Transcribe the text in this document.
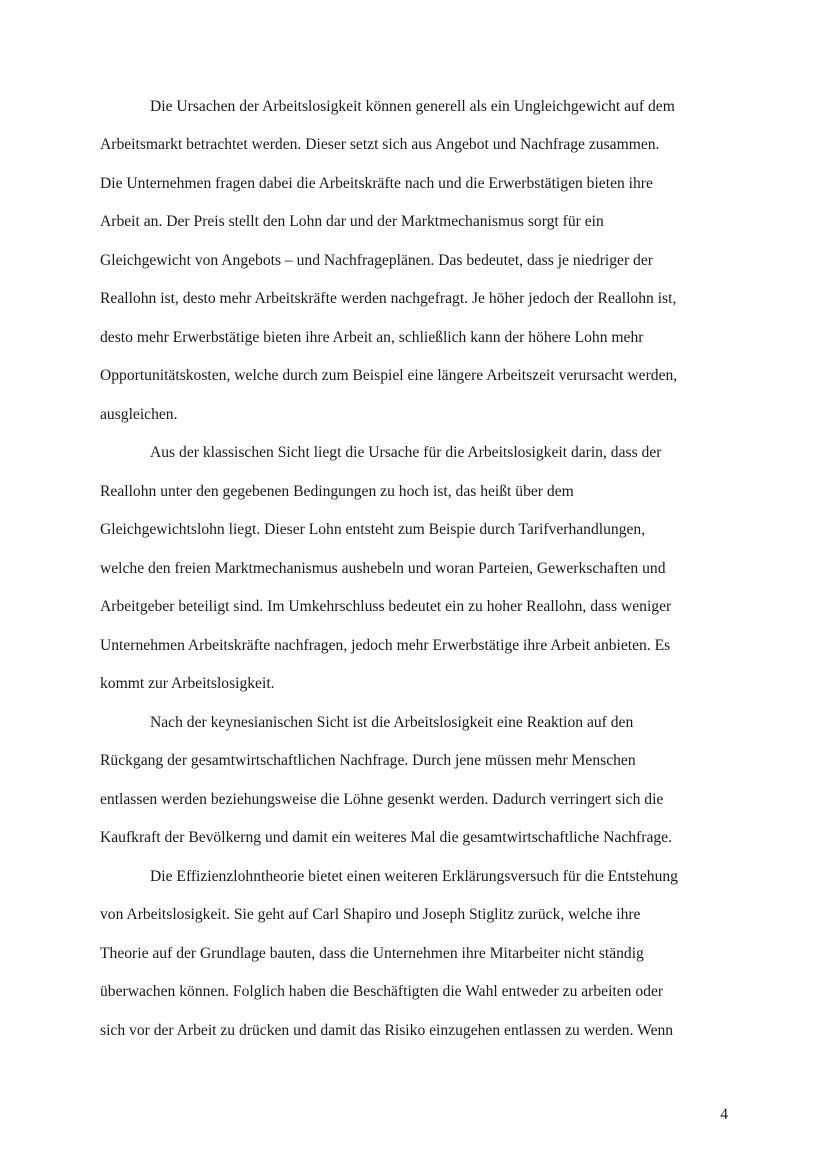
Die Ursachen der Arbeitslosigkeit können generell als ein Ungleichgewicht auf dem
Arbeitsmarkt betrachtet werden. Dieser setzt sich aus Angebot und Nachfrage zusammen.
Die Unternehmen fragen dabei die Arbeitskräfte nach und die Erwerbstätigen bieten ihre
Arbeit an. Der Preis stellt den Lohn dar und der Marktmechanismus sorgt für ein
Gleichgewicht von Angebots – und Nachfrageplänen. Das bedeutet, dass je niedriger der
Reallohn ist, desto mehr Arbeitskräfte werden nachgefragt. Je höher jedoch der Reallohn ist,
desto mehr Erwerbstätige bieten ihre Arbeit an, schließlich kann der höhere Lohn mehr
Opportunitätskosten, welche durch zum Beispiel eine längere Arbeitszeit verursacht werden,
ausgleichen.
Aus der klassischen Sicht liegt die Ursache für die Arbeitslosigkeit darin, dass der
Reallohn unter den gegebenen Bedingungen zu hoch ist, das heißt über dem
Gleichgewichtslohn liegt. Dieser Lohn entsteht zum Beispie durch Tarifverhandlungen,
welche den freien Marktmechanismus aushebeln und woran Parteien, Gewerkschaften und
Arbeitgeber beteiligt sind. Im Umkehrschluss bedeutet ein zu hoher Reallohn, dass weniger
Unternehmen Arbeitskräfte nachfragen, jedoch mehr Erwerbstätige ihre Arbeit anbieten. Es
kommt zur Arbeitslosigkeit.
Nach der keynesianischen Sicht ist die Arbeitslosigkeit eine Reaktion auf den
Rückgang der gesamtwirtschaftlichen Nachfrage. Durch jene müssen mehr Menschen
entlassen werden beziehungsweise die Löhne gesenkt werden. Dadurch verringert sich die
Kaufkraft der Bevölkerng und damit ein weiteres Mal die gesamtwirtschaftliche Nachfrage.
Die Effizienzlohntheorie bietet einen weiteren Erklärungsversuch für die Entstehung
von Arbeitslosigkeit. Sie geht auf Carl Shapiro und Joseph Stiglitz zurück, welche ihre
Theorie auf der Grundlage bauten, dass die Unternehmen ihre Mitarbeiter nicht ständig
überwachen können. Folglich haben die Beschäftigten die Wahl entweder zu arbeiten oder
sich vor der Arbeit zu drücken und damit das Risiko einzugehen entlassen zu werden. Wenn
4
